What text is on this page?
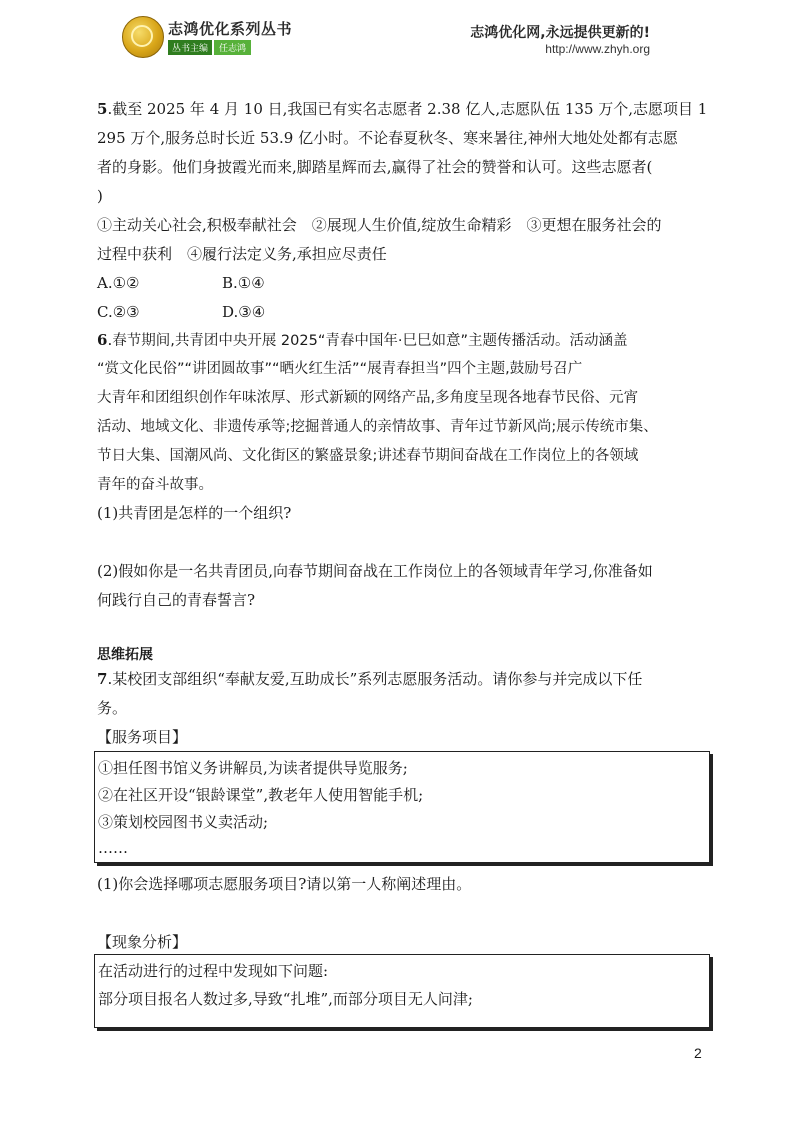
志鸿优化系列丛书
丛书主编	任志鸿
志鸿优化网,永远提供更新的!
http://www.zhyh.org
5.截至 2025 年 4 月 10 日,我国已有实名志愿者 2.38 亿人,志愿队伍 135 万个,志愿项目 1
295 万个,服务总时长近 53.9 亿小时。不论春夏秋冬、寒来暑往,神州大地处处都有志愿
者的身影。他们身披霞光而来,脚踏星辉而去,赢得了社会的赞誉和认可。这些志愿者(
)
①主动关心社会,积极奉献社会　②展现人生价值,绽放生命精彩　③更想在服务社会的
过程中获利　④履行法定义务,承担应尽责任
A.①②	B.①④
C.②③	D.③④
6.春节期间,共青团中央开展 2025“青春中国年·巳巳如意”主题传播活动。活动涵盖
“赏文化民俗”“讲团圆故事”“晒火红生活”“展青春担当”四个主题,鼓励号召广
大青年和团组织创作年味浓厚、形式新颖的网络产品,多角度呈现各地春节民俗、元宵
活动、地域文化、非遗传承等;挖掘普通人的亲情故事、青年过节新风尚;展示传统市集、
节日大集、国潮风尚、文化街区的繁盛景象;讲述春节期间奋战在工作岗位上的各领域
青年的奋斗故事。
(1)共青团是怎样的一个组织?
(2)假如你是一名共青团员,向春节期间奋战在工作岗位上的各领域青年学习,你准备如
何践行自己的青春誓言?
思维拓展
7.某校团支部组织“奉献友爱,互助成长”系列志愿服务活动。请你参与并完成以下任
务。
【服务项目】
①担任图书馆义务讲解员,为读者提供导览服务;
②在社区开设“银龄课堂”,教老年人使用智能手机;
③策划校园图书义卖活动;
……
(1)你会选择哪项志愿服务项目?请以第一人称阐述理由。
【现象分析】
在活动进行的过程中发现如下问题:
部分项目报名人数过多,导致“扎堆”,而部分项目无人问津;
2
